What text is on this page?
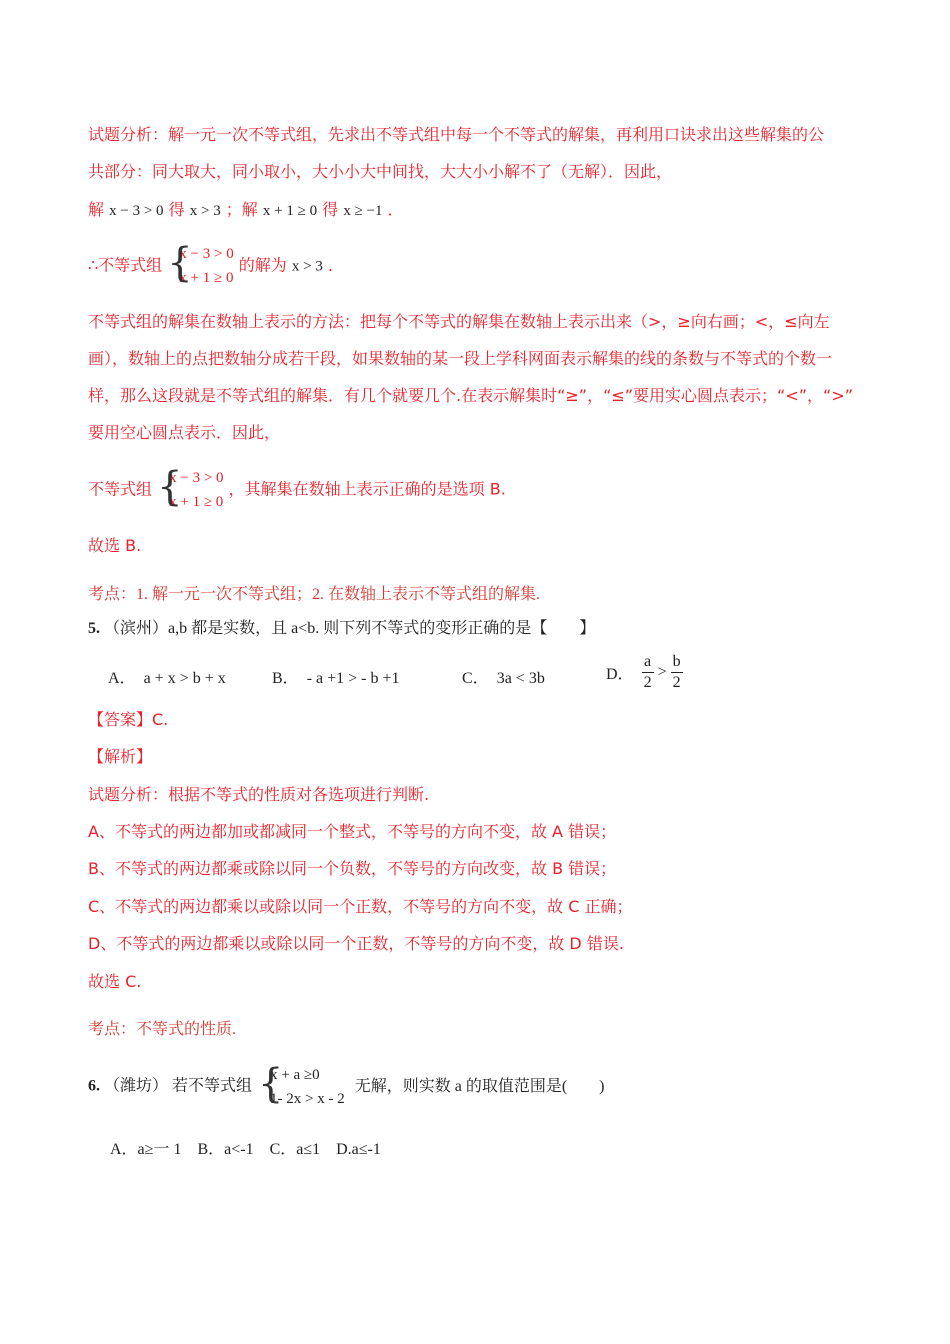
试题分析：解一元一次不等式组，先求出不等式组中每一个不等式的解集，再利用口诀求出这些解集的公
共部分：同大取大，同小取小，大小小大中间找，大大小小解不了（无解）．因此，
解 x − 3 > 0 得 x > 3 ；解 x + 1 ≥ 0 得 x ≥ −1 ．
∴不等式组 {
x − 3 > 0
x + 1 ≥ 0
的解为 x > 3 ．
不等式组的解集在数轴上表示的方法：把每个不等式的解集在数轴上表示出来（>，≥向右画；<，≤向左
画），数轴上的点把数轴分成若干段，如果数轴的某一段上学科网面表示解集的线的条数与不等式的个数一
样，那么这段就是不等式组的解集．有几个就要几个.在表示解集时“≥”，“≤”要用实心圆点表示；“<”，“>”
要用空心圆点表示．因此，
不等式组 {
x − 3 > 0
x + 1 ≥ 0
，其解集在数轴上表示正确的是选项 B.
故选 B.
考点：1. 解一元一次不等式组；2. 在数轴上表示不等式组的解集.
5. （滨州）a,b 都是实数，且 a<b. 则下列不等式的变形正确的是【　　】
A． a + x > b + x	B． - a +1 > - b +1	C． 3a < 3b	D． $\frac{a}{2} > \frac{b}{2}$
【答案】C.
【解析】
试题分析：根据不等式的性质对各选项进行判断.
A、不等式的两边都加或都减同一个整式，不等号的方向不变，故 A 错误；
B、不等式的两边都乘或除以同一个负数，不等号的方向改变，故 B 错误；
C、不等式的两边都乘以或除以同一个正数，不等号的方向不变，故 C 正确；
D、不等式的两边都乘以或除以同一个正数，不等号的方向不变，故 D 错误.
故选 C.
考点：不等式的性质.
6. （潍坊） 若不等式组 {
x + a ≥0
1- 2x > x - 2
无解，则实数 a 的取值范围是(　　)
A．a≥一 1　B．a<-1　C．a≤1　D.a≤-1
